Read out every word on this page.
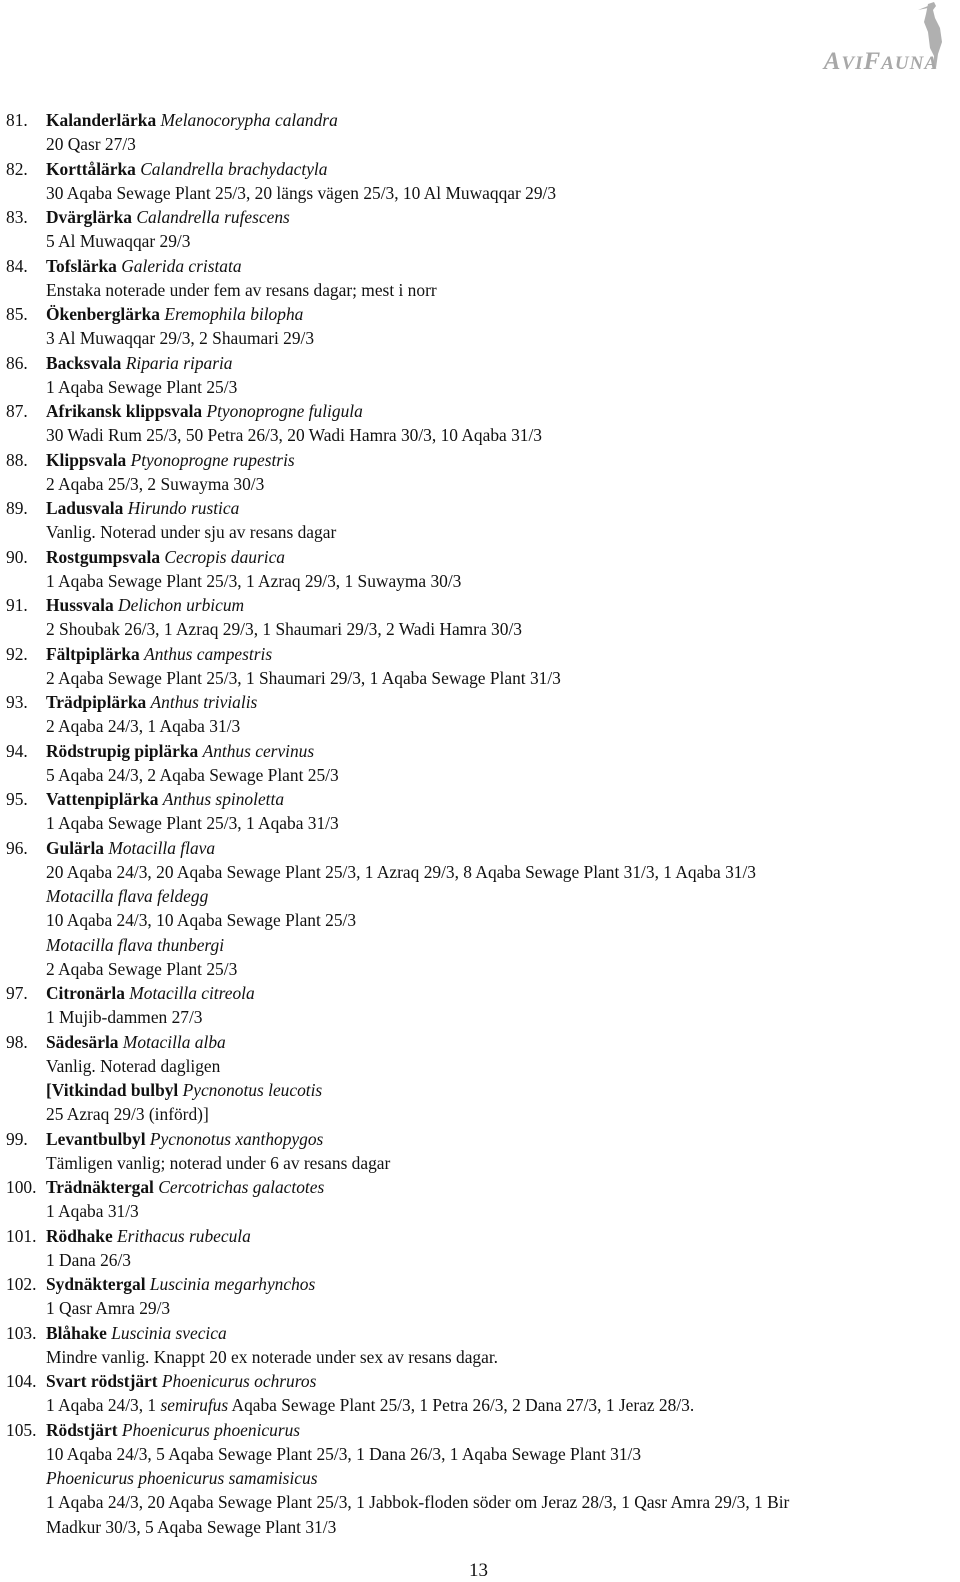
AVIFAUNA
81.	Kalanderlärka Melanocorypha calandra
20 Qasr 27/3
82.	Korttålärka Calandrella brachydactyla
30 Aqaba Sewage Plant 25/3, 20 längs vägen 25/3, 10 Al Muwaqqar 29/3
83.	Dvärglärka Calandrella rufescens
5 Al Muwaqqar 29/3
84.	Tofslärka Galerida cristata
Enstaka noterade under fem av resans dagar; mest i norr
85.	Ökenberglärka Eremophila bilopha
3 Al Muwaqqar 29/3, 2 Shaumari 29/3
86.	Backsvala Riparia riparia
1 Aqaba Sewage Plant 25/3
87.	Afrikansk klippsvala Ptyonoprogne fuligula
30 Wadi Rum 25/3, 50 Petra 26/3, 20 Wadi Hamra 30/3, 10 Aqaba 31/3
88.	Klippsvala Ptyonoprogne rupestris
2 Aqaba 25/3, 2 Suwayma 30/3
89.	Ladusvala Hirundo rustica
Vanlig. Noterad under sju av resans dagar
90.	Rostgumpsvala Cecropis daurica
1 Aqaba Sewage Plant 25/3, 1 Azraq 29/3, 1 Suwayma 30/3
91.	Hussvala Delichon urbicum
2 Shoubak 26/3, 1 Azraq 29/3, 1 Shaumari 29/3, 2 Wadi Hamra 30/3
92.	Fältpiplärka Anthus campestris
2 Aqaba Sewage Plant 25/3, 1 Shaumari 29/3, 1 Aqaba Sewage Plant 31/3
93.	Trädpiplärka Anthus trivialis
2 Aqaba 24/3, 1 Aqaba 31/3
94.	Rödstrupig piplärka Anthus cervinus
5 Aqaba 24/3, 2 Aqaba Sewage Plant 25/3
95.	Vattenpiplärka Anthus spinoletta
1 Aqaba Sewage Plant 25/3, 1 Aqaba 31/3
96.	Gulärla Motacilla flava
20 Aqaba 24/3, 20 Aqaba Sewage Plant 25/3, 1 Azraq 29/3, 8 Aqaba Sewage Plant 31/3, 1 Aqaba 31/3
Motacilla flava feldegg
10 Aqaba 24/3, 10 Aqaba Sewage Plant 25/3
Motacilla flava thunbergi
2 Aqaba Sewage Plant 25/3
97.	Citronärla Motacilla citreola
1 Mujib-dammen 27/3
98.	Sädesärla Motacilla alba
Vanlig. Noterad dagligen
[Vitkindad bulbyl Pycnonotus leucotis
25 Azraq 29/3 (införd)]
99.	Levantbulbyl Pycnonotus xanthopygos
Tämligen vanlig; noterad under 6 av resans dagar
100. Trädnäktergal Cercotrichas galactotes
1 Aqaba 31/3
101. Rödhake Erithacus rubecula
1 Dana 26/3
102. Sydnäktergal Luscinia megarhynchos
1 Qasr Amra 29/3
103. Blåhake Luscinia svecica
Mindre vanlig. Knappt 20 ex noterade under sex av resans dagar.
104. Svart rödstjärt Phoenicurus ochruros
1 Aqaba 24/3, 1 semirufus Aqaba Sewage Plant 25/3, 1 Petra 26/3, 2 Dana 27/3, 1 Jeraz 28/3.
105. Rödstjärt Phoenicurus phoenicurus
10 Aqaba 24/3, 5 Aqaba Sewage Plant 25/3, 1 Dana 26/3, 1 Aqaba Sewage Plant 31/3
Phoenicurus phoenicurus samamisicus
1 Aqaba 24/3, 20 Aqaba Sewage Plant 25/3, 1 Jabbok-floden söder om Jeraz 28/3, 1 Qasr Amra 29/3, 1 Bir
Madkur 30/3, 5 Aqaba Sewage Plant 31/3
13
